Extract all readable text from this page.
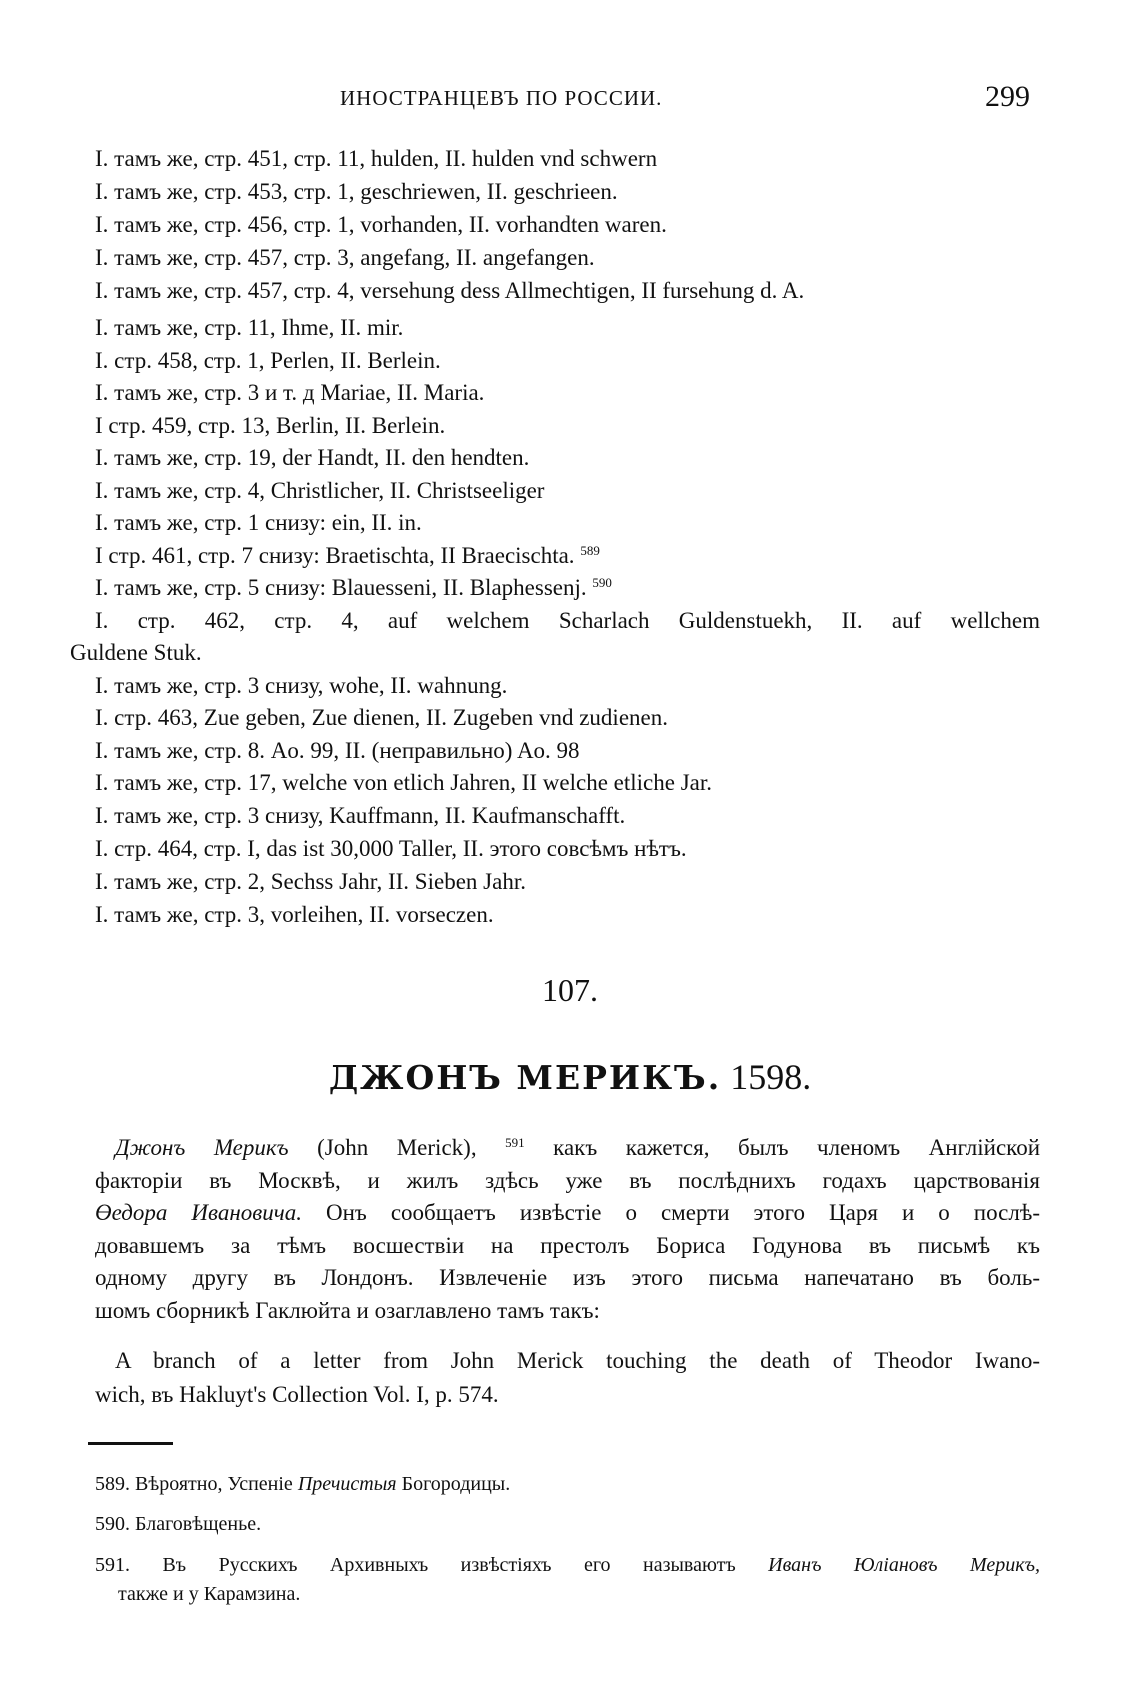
ИНОСТРАНЦЕВЪ ПО РОССИИ.	299
I. тамъ же, стр. 451, стр. 11, hulden, II. hulden vnd schwern
I. тамъ же, стр. 453, стр. 1, geschriewen, II. geschrieen.
I. тамъ же, стр. 456, стр. 1, vorhanden, II. vorhandten waren.
I. тамъ же, стр. 457, стр. 3, angefang, II. angefangen.
I. тамъ же, стр. 457, стр. 4, versehung dess Allmechtigen, II fursehung d. A.
I. тамъ же, стр. 11, Ihme, II. mir.
I. стр. 458, стр. 1, Perlen, II. Berlein.
I. тамъ же, стр. 3 и т. д Mariae, II. Maria.
I стр. 459, стр. 13, Berlin, II. Berlein.
I. тамъ же, стр. 19, der Handt, II. den hendten.
I. тамъ же, стр. 4, Christlicher, II. Christseeliger
I. тамъ же, стр. 1 снизу: ein, II. in.
I стр. 461, стр. 7 снизу: Braetischta, II Braecischta. $^{589}$
I. тамъ же, стр. 5 снизу: Blauesseni, II. Blaphessenj. $^{590}$
I. стр. 462, стр. 4, auf welchem Scharlach Guldenstuekh, II. auf wellchem
Guldene Stuk.
I. тамъ же, стр. 3 снизу, wohe, II. wahnung.
I. стр. 463, Zue geben, Zue dienen, II. Zugeben vnd zudienen.
I. тамъ же, стр. 8. Ao. 99, II. (неправильно) Ao. 98
I. тамъ же, стр. 17, welche von etlich Jahren, II welche etliche Jar.
I. тамъ же, стр. 3 снизу, Kauffmann, II. Kaufmanschafft.
I. стр. 464, стр. I, das ist 30,000 Taller, II. этого совсѣмъ нѣтъ.
I. тамъ же, стр. 2, Sechss Jahr, II. Sieben Jahr.
I. тамъ же, стр. 3, vorleihen, II. vorseczen.
107.
ДЖОНЪ МЕРИКЪ. 1598.
Джонъ Мерикъ (John Merick), $^{591}$ какъ кажется, былъ членомъ Англійской
факторіи въ Москвѣ, и жилъ здѣсь уже въ послѣднихъ годахъ царствованія
Өедора Ивановича. Онъ сообщаетъ извѣстіе о смерти этого Царя и о послѣ-
довавшемъ за тѣмъ восшествіи на престолъ Бориса Годунова въ письмѣ къ
одному другу въ Лондонъ. Извлеченіе изъ этого письма напечатано въ боль-
шомъ сборникѣ Гаклюйта и озаглавлено тамъ такъ:
A branch of a letter from John Merick touching the death of Theodor Iwano-
wich, въ Hakluyt's Collection Vol. I, p. 574.
589. Вѣроятно, Успеніе Пречистыя Богородицы.
590. Благовѣщенье.
591. Въ Русскихъ Архивныхъ извѣстіяхъ его называютъ Иванъ Юліановъ Мерикъ,
также и у Карамзина.
